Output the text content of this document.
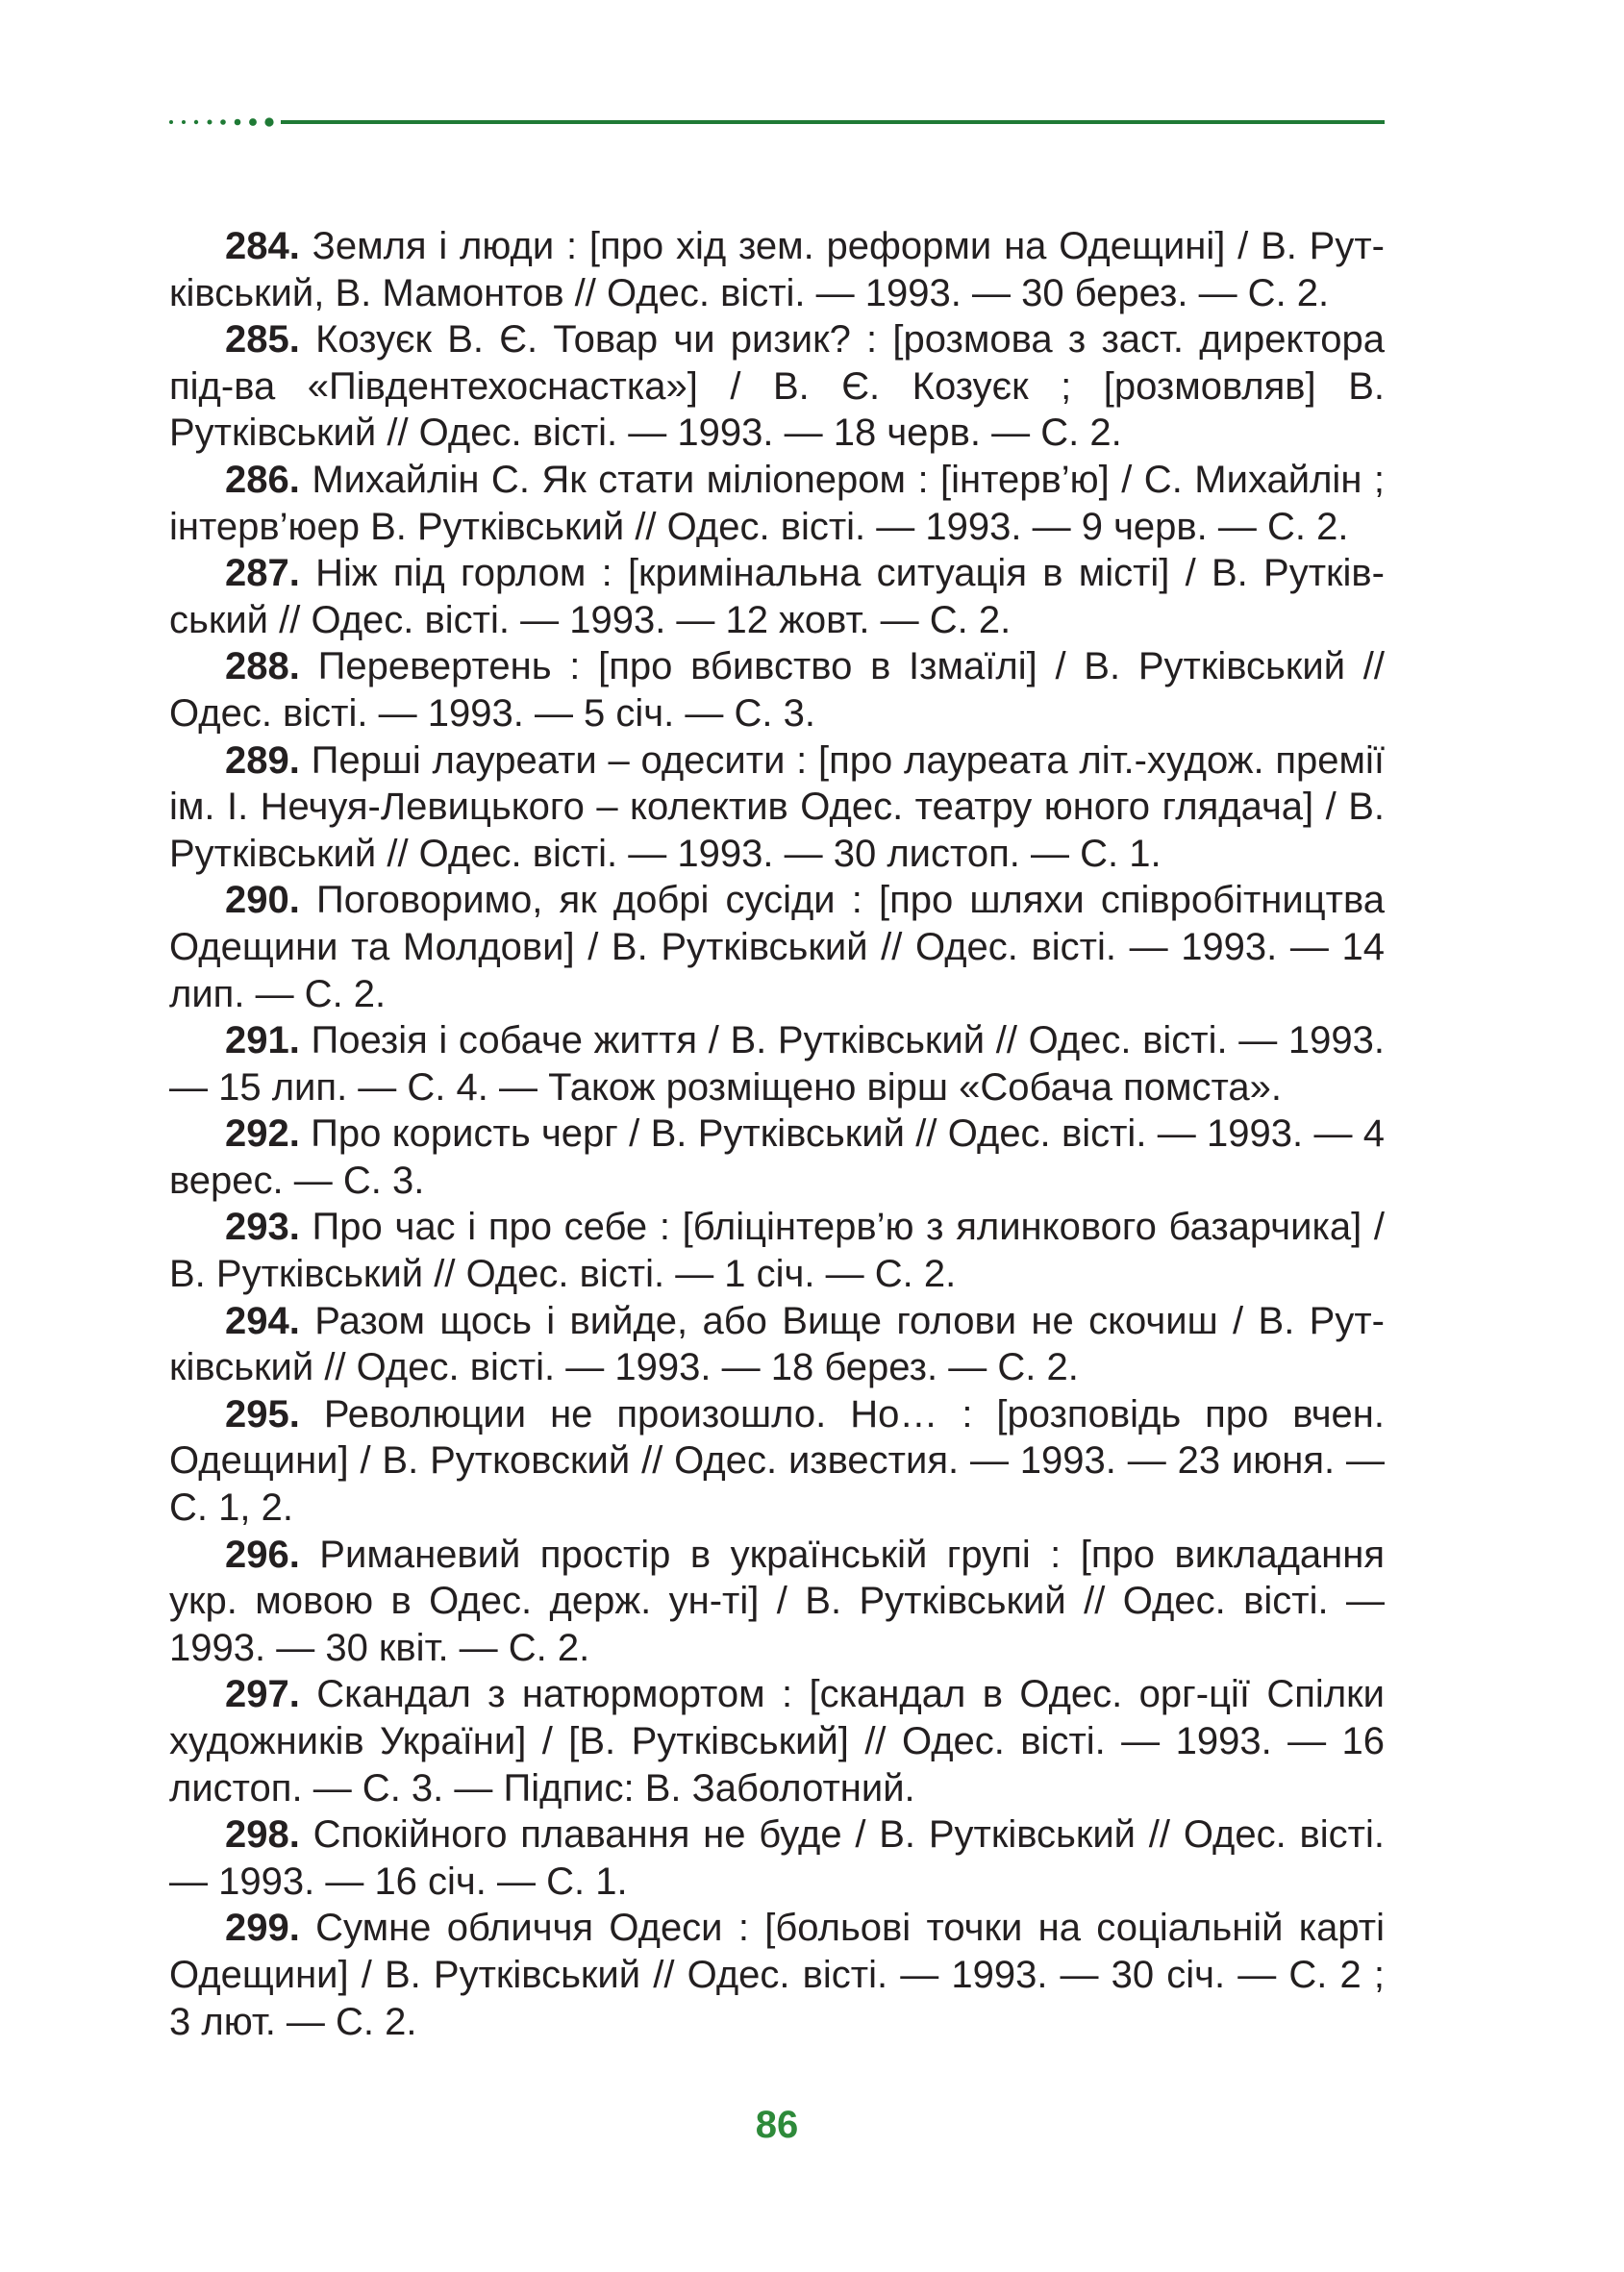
284. Земля і люди : [про хід зем. реформи на Одещині] / В. Рутківський, В. Мамонтов // Одес. вісті. — 1993. — 30 берез. — С. 2.

285. Козуєк В. Є. Товар чи ризик? : [розмова з заст. директора під-ва «Південтехоснастка»] / В. Є. Козуєк ; [розмовляв] В. Рутківський // Одес. вісті. — 1993. — 18 черв. — С. 2.

286. Михайлін С. Як стати мілionером : [інтерв’ю] / С. Михайлін ; інтерв’юер В. Рутківський // Одес. вісті. — 1993. — 9 черв. — С. 2.

287. Ніж під горлом : [кримінальна ситуація в місті] / В. Рутківський // Одес. вісті. — 1993. — 12 жовт. — С. 2.

288. Перевертень : [про вбивство в Ізмаїлі] / В. Рутківський // Одес. вісті. — 1993. — 5 січ. — С. 3.

289. Перші лауреати – одесити : [про лауреата літ.-худож. премії ім. І. Нечуя-Левицького – колектив Одес. театру юного глядача] / В. Рутківський // Одес. вісті. — 1993. — 30 листоп. — С. 1.

290. Поговоримо, як добрі сусіди : [про шляхи співробітництва Одещини та Молдови] / В. Рутківський // Одес. вісті. — 1993. — 14 лип. — С. 2.

291. Поезія і собаче життя / В. Рутківський // Одес. вісті. — 1993. — 15 лип. — С. 4. — Також розміщено вірш «Собача помста».

292. Про користь черг / В. Рутківський // Одес. вісті. — 1993. — 4 верес. — С. 3.

293. Про час і про себе : [бліцінтерв’ю з ялинкового базарчика] / В. Рутківський // Одес. вісті. — 1 січ. — С. 2.

294. Разом щось і вийде, або Вище голови не скочиш / В. Рутківський // Одес. вісті. — 1993. — 18 берез. — С. 2.

295. Революции не произошло. Но… : [розповідь про вчен. Одещини] / В. Рутковский // Одес. известия. — 1993. — 23 июня. — С. 1, 2.

296. Риманевий простір в українській групі : [про викладання укр. мовою в Одес. держ. ун-ті] / В. Рутківський // Одес. вісті. — 1993. — 30 квіт. — С. 2.

297. Скандал з натюрмортом : [скандал в Одес. орг-ції Спілки художників України] / [В. Рутківський] // Одес. вісті. — 1993. — 16 листоп. — С. 3. — Підпис: В. Заболотний.

298. Спокійного плавання не буде / В. Рутківський // Одес. вісті. — 1993. — 16 січ. — С. 1.

299. Сумне обличчя Одеси : [больові точки на соціальній карті Одещини] / В. Рутківський // Одес. вісті. — 1993. — 30 січ. — С. 2 ; 3 лют. — С. 2.

86
